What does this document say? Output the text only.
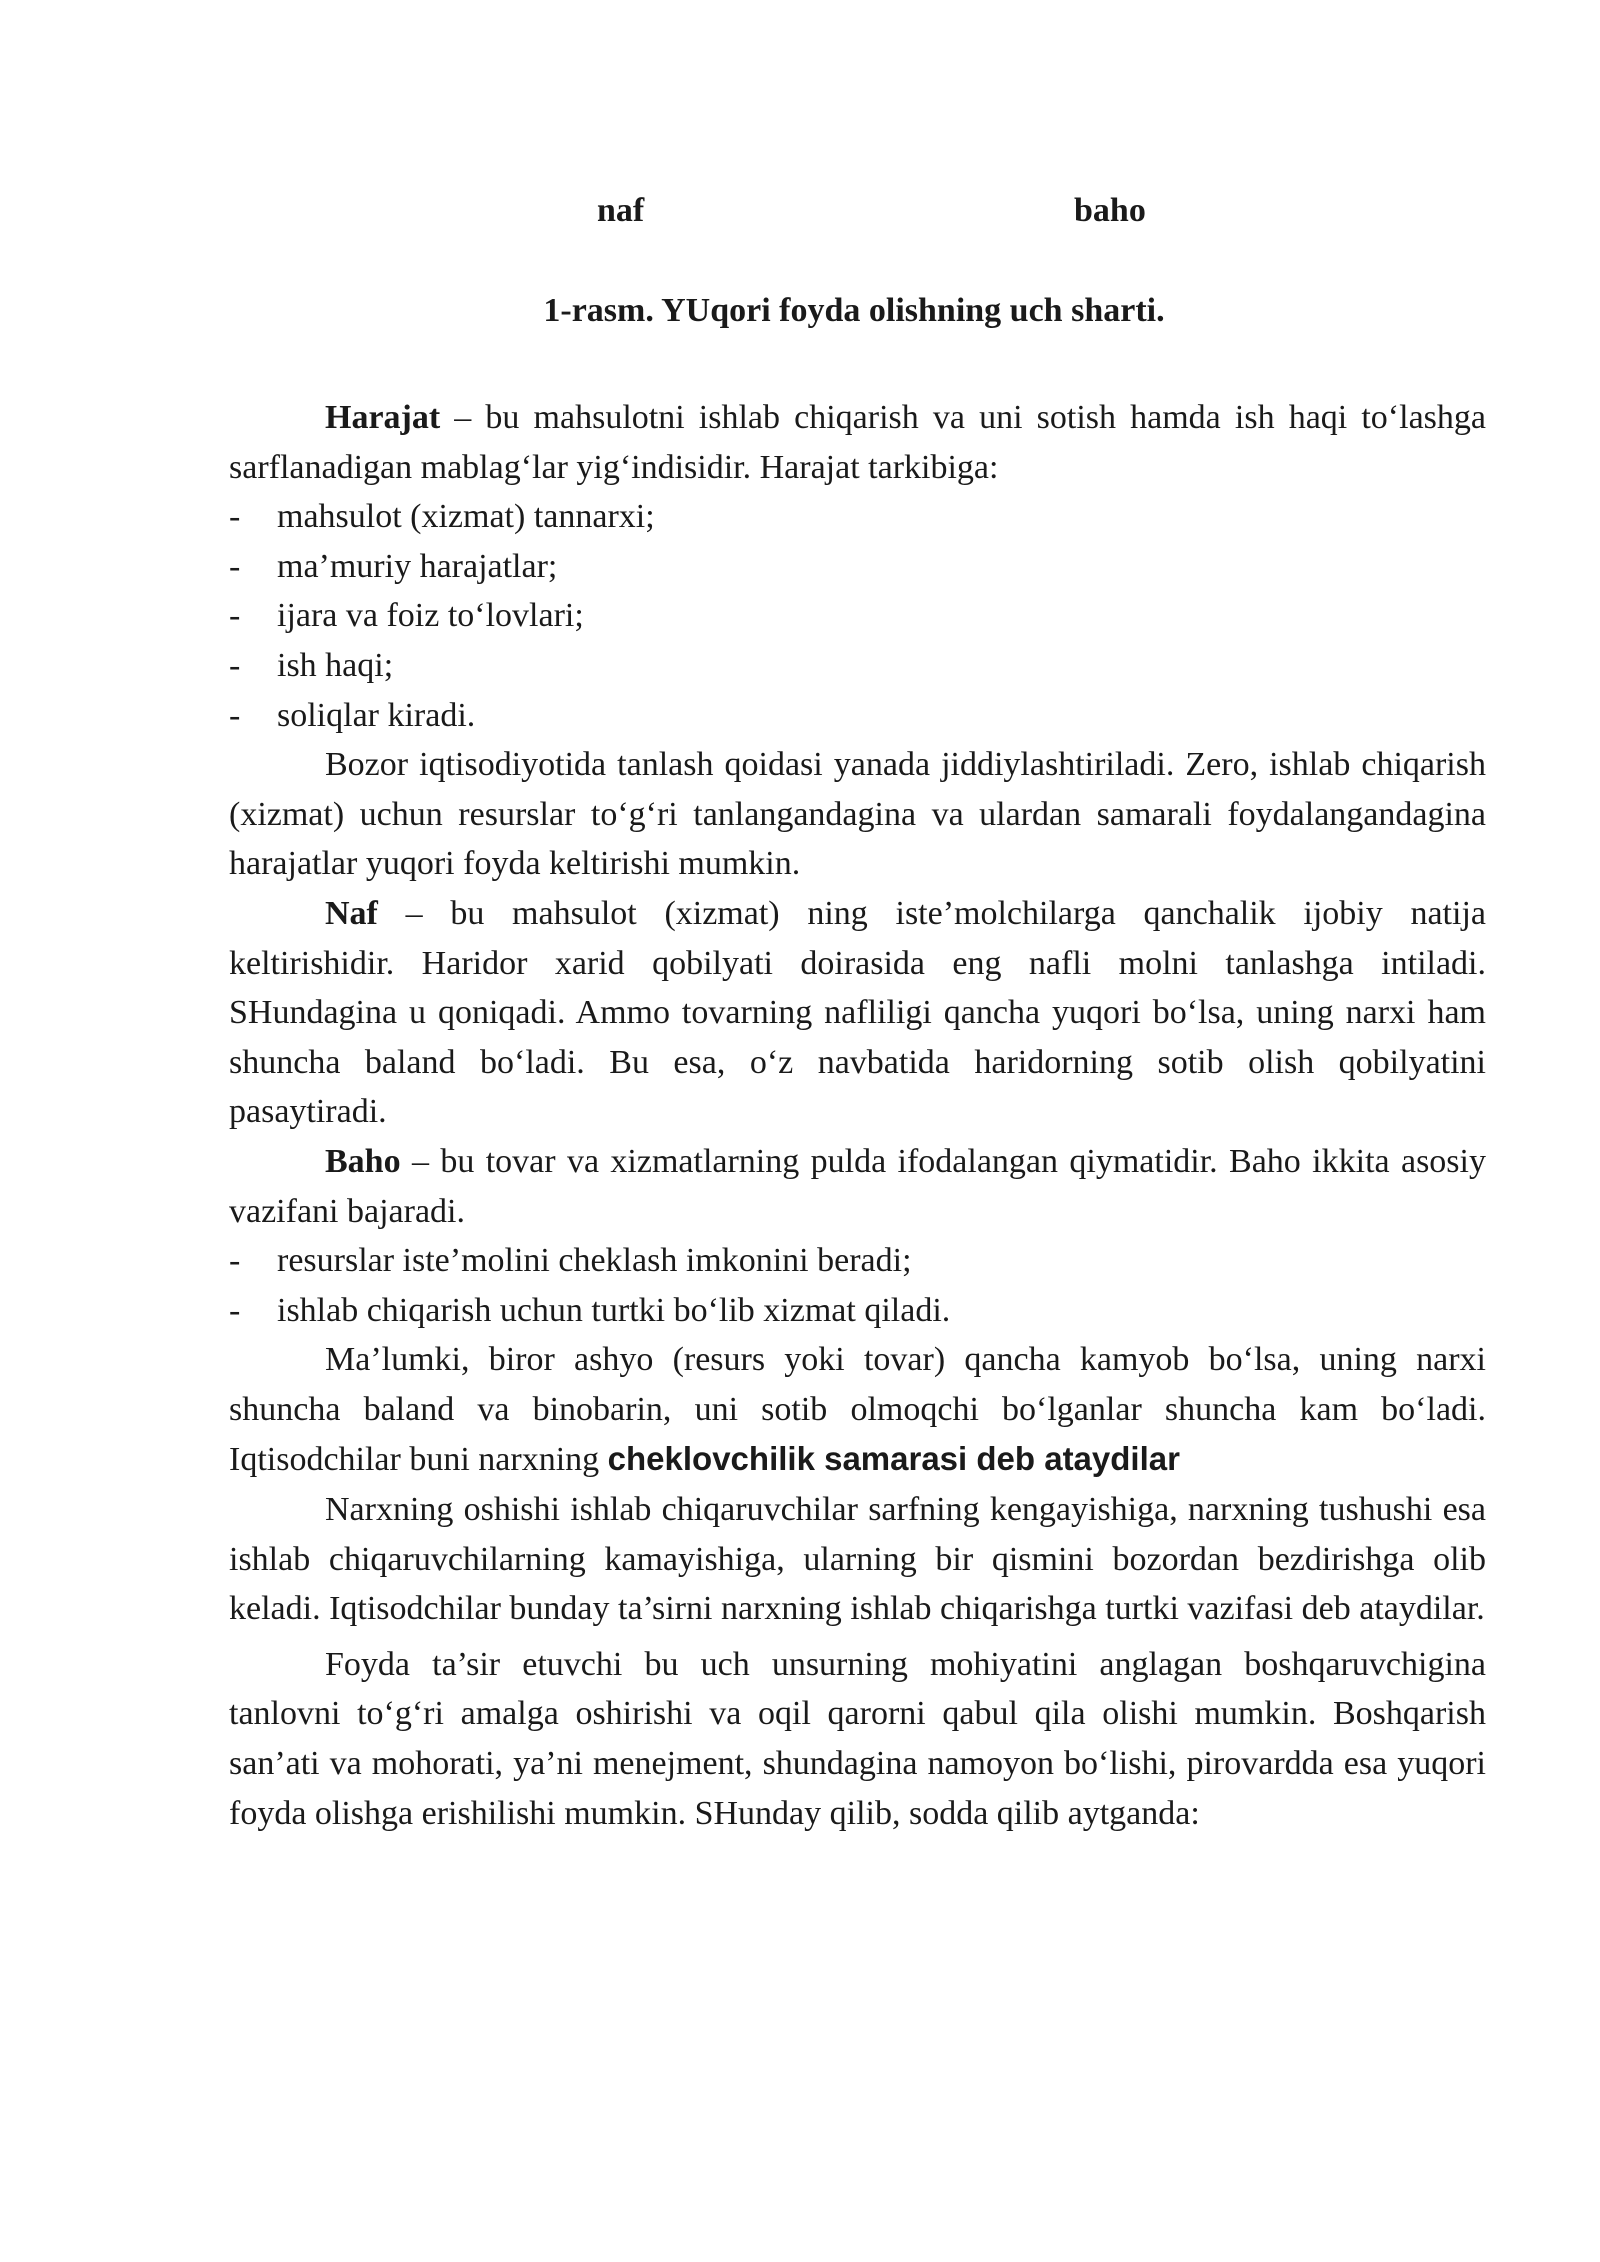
naf	baho
1-rasm. YUqori foyda olishning uch sharti.

Harajat – bu mahsulotni ishlab chiqarish va uni sotish hamda ish haqi to‘lashga sarflanadigan mablag‘lar yig‘indisidir. Harajat tarkibiga:

-	mahsulot (xizmat) tannarxi;
-	ma’muriy harajatlar;
-	ijara va foiz to‘lovlari;
-	ish haqi;
-	soliqlar kiradi.

Bozor iqtisodiyotida tanlash qoidasi yanada jiddiylashtiriladi. Zero, ishlab chiqarish (xizmat) uchun resurslar to‘g‘ri tanlangandagina va ulardan samarali foydalangandagina harajatlar yuqori foyda keltirishi mumkin.

Naf – bu mahsulot (xizmat) ning iste’molchilarga qanchalik ijobiy natija keltirishidir. Haridor xarid qobilyati doirasida eng nafli molni tanlashga intiladi. SHundagina u qoniqadi. Ammo tovarning nafliligi qancha yuqori bo‘lsa, uning narxi ham shuncha baland bo‘ladi. Bu esa, o‘z navbatida haridorning sotib olish qobilyatini pasaytiradi.

Baho – bu tovar va xizmatlarning pulda ifodalangan qiymatidir. Baho ikkita asosiy vazifani bajaradi.

-	resurslar iste’molini cheklash imkonini beradi;
-	ishlab chiqarish uchun turtki bo‘lib xizmat qiladi.

Ma’lumki, biror ashyo (resurs yoki tovar) qancha kamyob bo‘lsa, uning narxi shuncha baland va binobarin, uni sotib olmoqchi bo‘lganlar shuncha kam bo‘ladi. Iqtisodchilar buni narxning cheklovchilik samarasi deb ataydilar

Narxning oshishi ishlab chiqaruvchilar sarfning kengayishiga, narxning tushushi esa ishlab chiqaruvchilarning kamayishiga, ularning bir qismini bozordan bezdirishga olib keladi. Iqtisodchilar bunday ta’sirni narxning ishlab chiqarishga turtki vazifasi deb ataydilar.

Foyda ta’sir etuvchi bu uch unsurning mohiyatini anglagan boshqaruvchigina tanlovni to‘g‘ri amalga oshirishi va oqil qarorni qabul qila olishi mumkin. Boshqarish san’ati va mohorati, ya’ni menejment, shundagina namoyon bo‘lishi, pirovardda esa yuqori foyda olishga erishilishi mumkin. SHunday qilib, sodda qilib aytganda:
